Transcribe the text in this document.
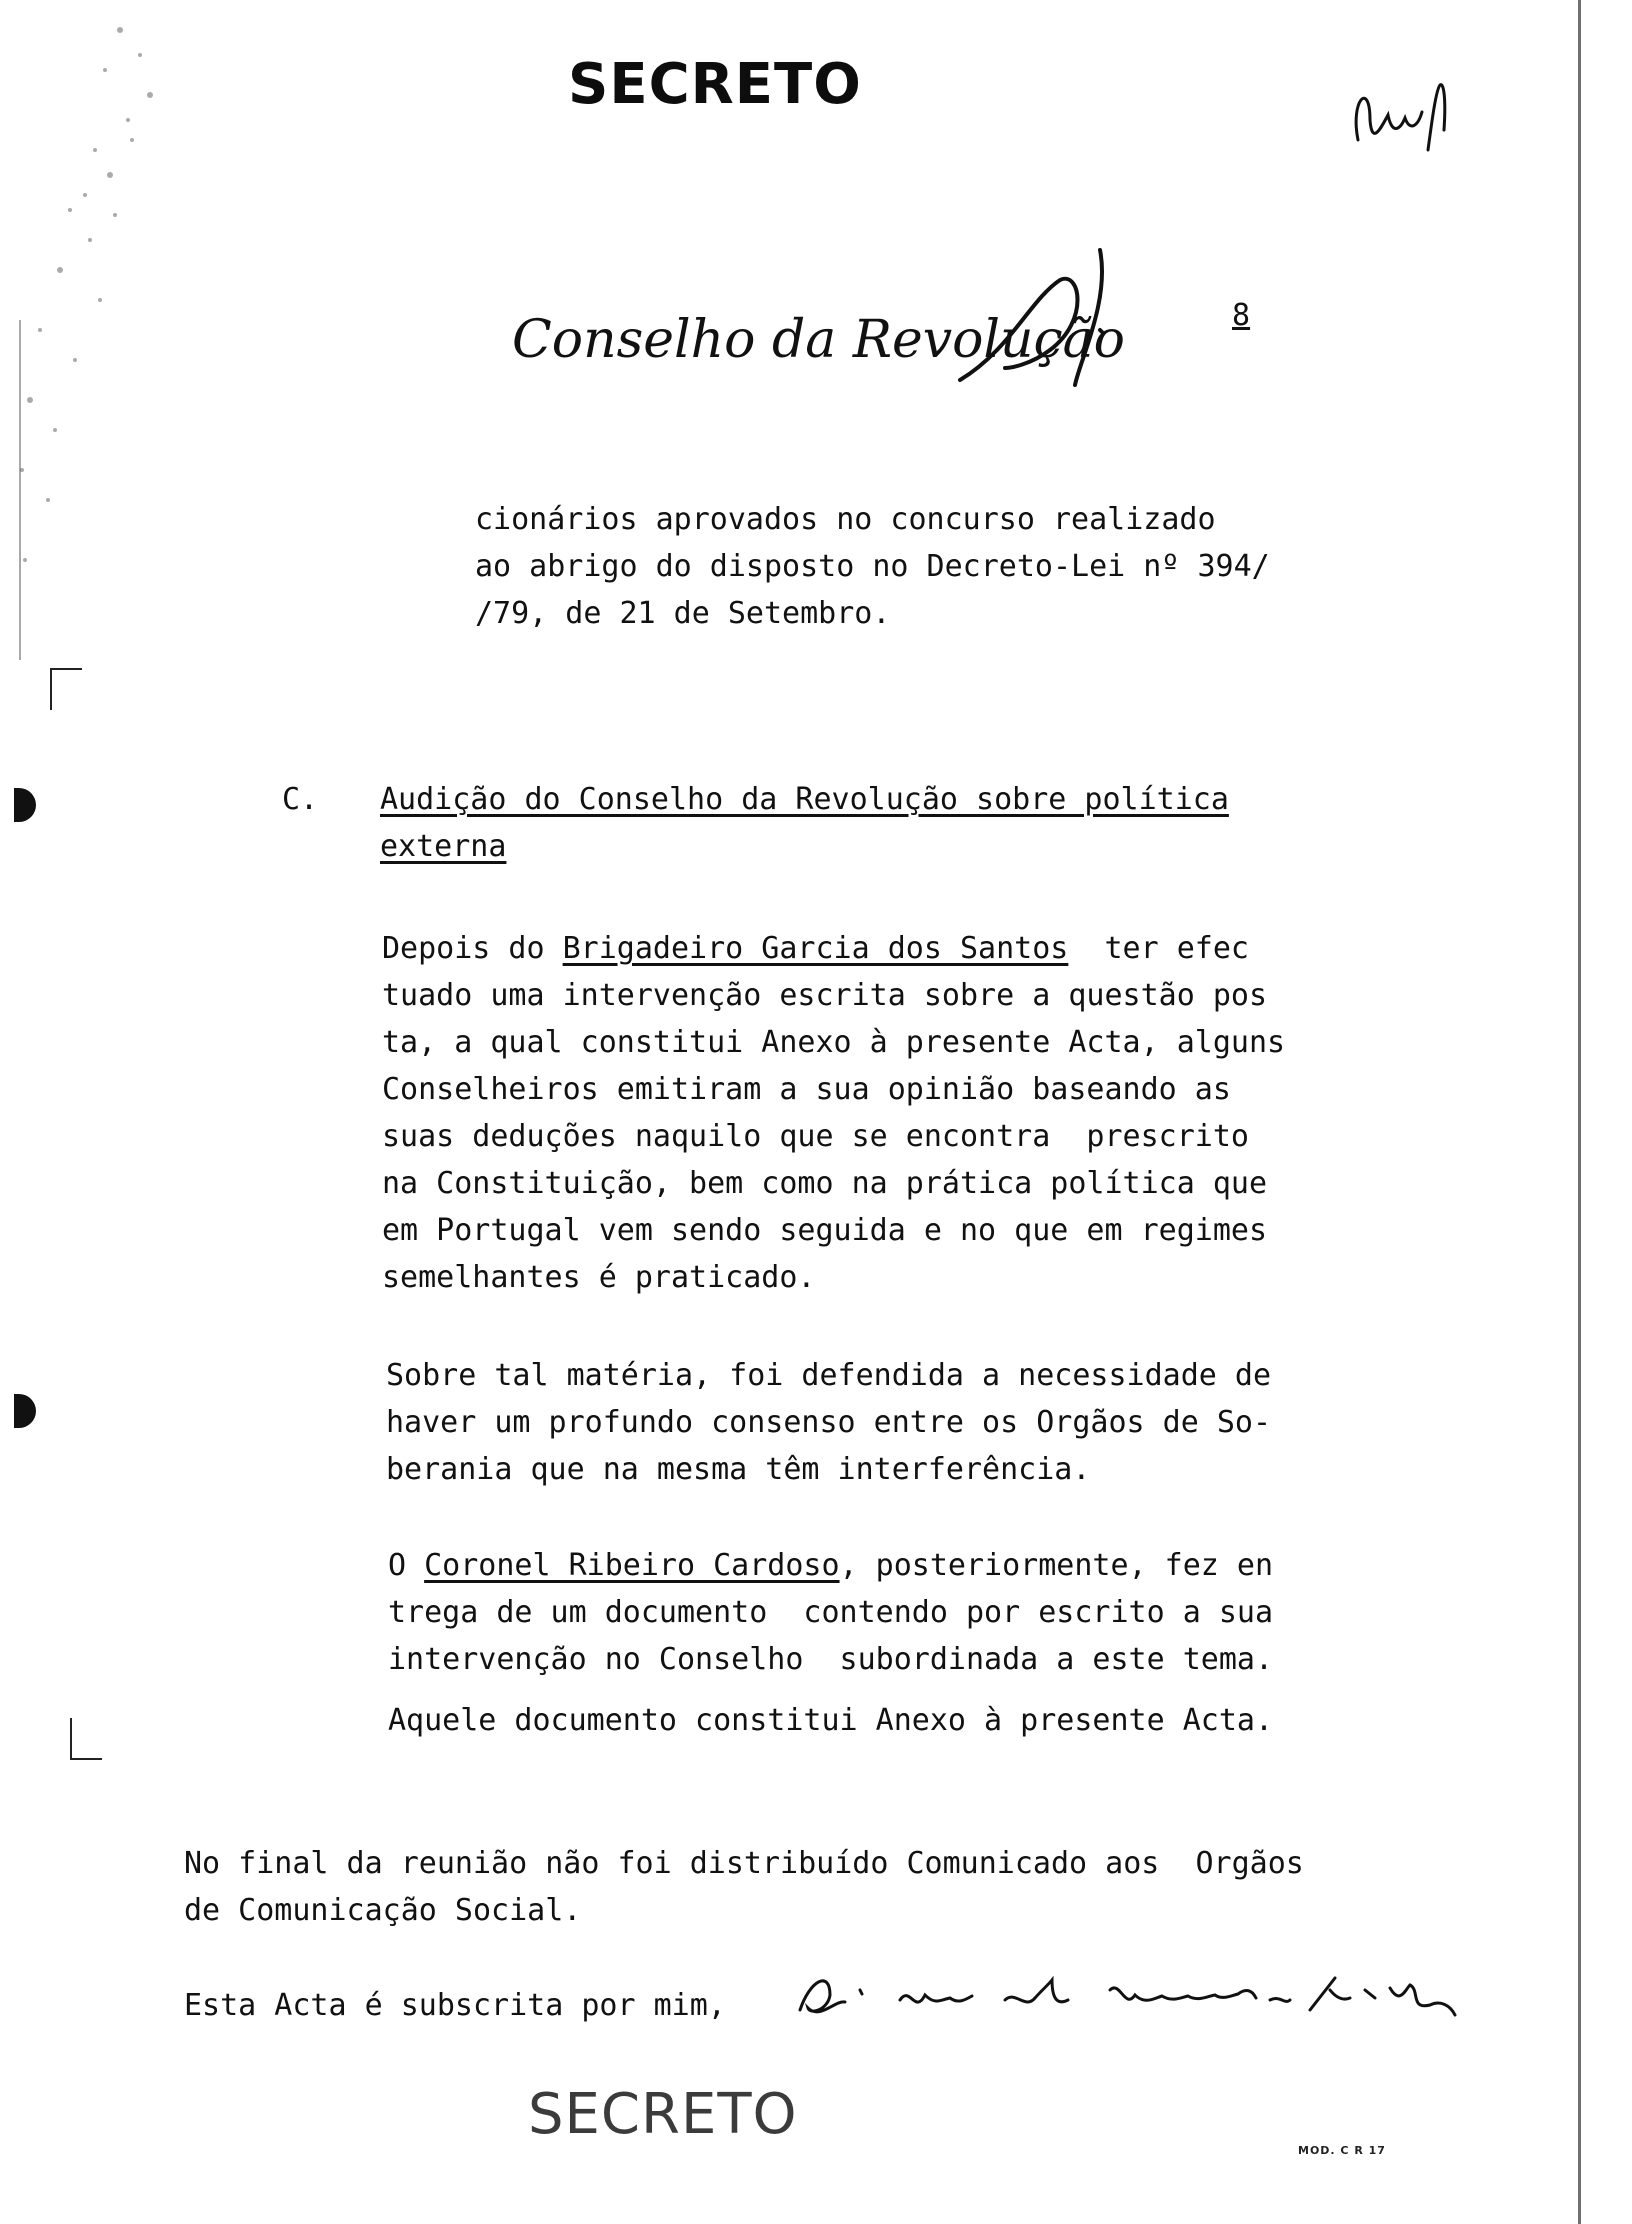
SECRETO
Conselho da Revolução	8
cionários aprovados no concurso realizado
ao abrigo do disposto no Decreto-Lei nº 394/
/79, de 21 de Setembro.
C. Audição do Conselho da Revolução sobre política
externa
Depois do Brigadeiro Garcia dos Santos  ter efec
tuado uma intervenção escrita sobre a questão pos
ta, a qual constitui Anexo à presente Acta, alguns
Conselheiros emitiram a sua opinião baseando as
suas deduções naquilo que se encontra  prescrito
na Constituição, bem como na prática política que
em Portugal vem sendo seguida e no que em regimes
semelhantes é praticado.
Sobre tal matéria, foi defendida a necessidade de
haver um profundo consenso entre os Orgãos de So-
berania que na mesma têm interferência.
O Coronel Ribeiro Cardoso, posteriormente, fez en
trega de um documento  contendo por escrito a sua
intervenção no Conselho  subordinada a este tema.
Aquele documento constitui Anexo à presente Acta.
No final da reunião não foi distribuído Comunicado aos  Orgãos
de Comunicação Social.
Esta Acta é subscrita por mim,
SECRETO
MOD. C R 17
